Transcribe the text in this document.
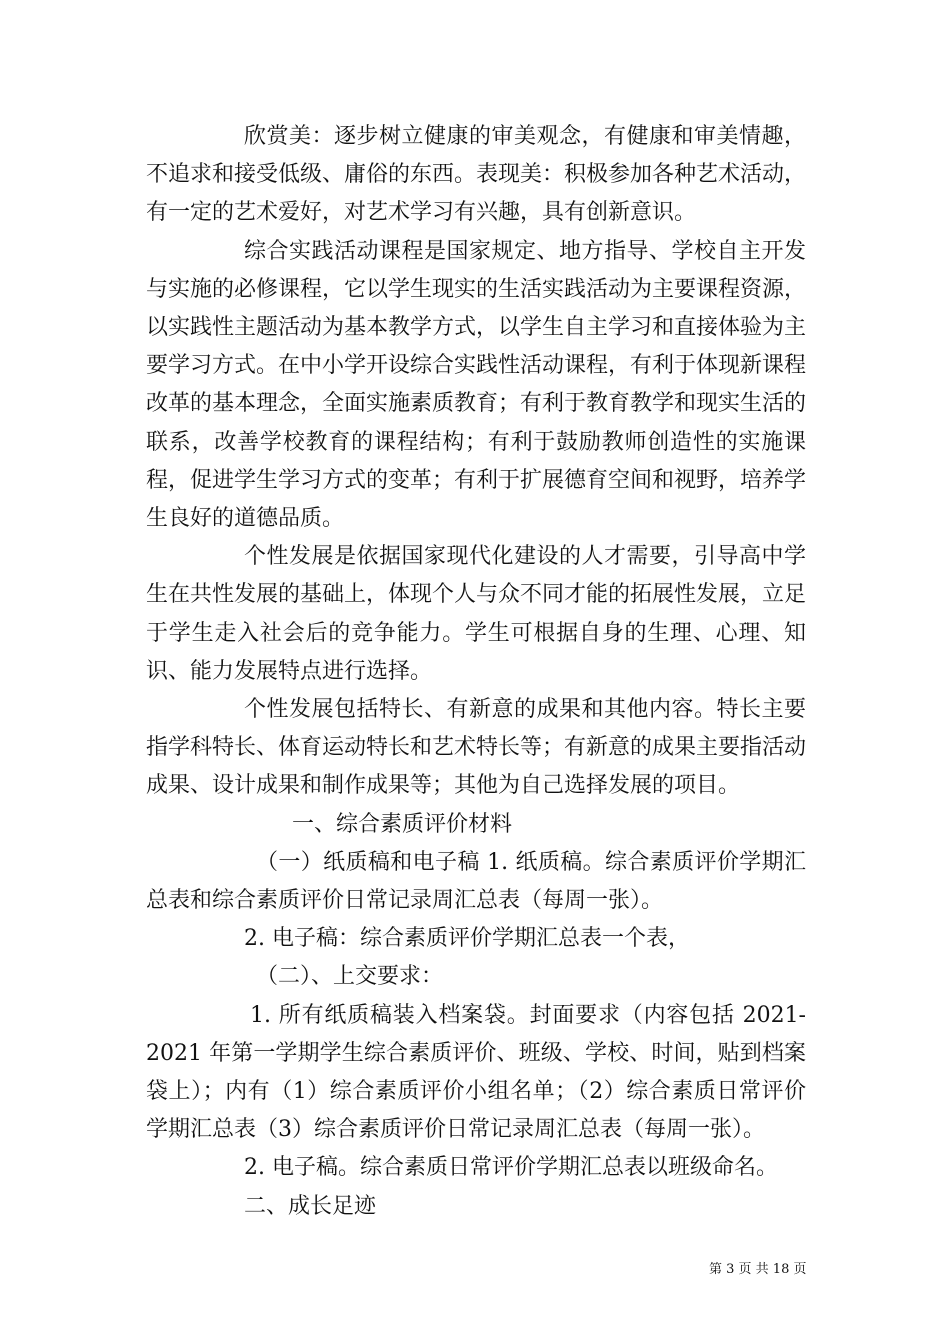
欣赏美：逐步树立健康的审美观念，有健康和审美情趣，不追求和接受低级、庸俗的东西。表现美：积极参加各种艺术活动，有一定的艺术爱好，对艺术学习有兴趣，具有创新意识。

综合实践活动课程是国家规定、地方指导、学校自主开发与实施的必修课程，它以学生现实的生活实践活动为主要课程资源，以实践性主题活动为基本教学方式，以学生自主学习和直接体验为主要学习方式。在中小学开设综合实践性活动课程，有利于体现新课程改革的基本理念，全面实施素质教育；有利于教育教学和现实生活的联系，改善学校教育的课程结构；有利于鼓励教师创造性的实施课程，促进学生学习方式的变革；有利于扩展德育空间和视野，培养学生良好的道德品质。

个性发展是依据国家现代化建设的人才需要，引导高中学生在共性发展的基础上，体现个人与众不同才能的拓展性发展，立足于学生走入社会后的竞争能力。学生可根据自身的生理、心理、知识、能力发展特点进行选择。

个性发展包括特长、有新意的成果和其他内容。特长主要指学科特长、体育运动特长和艺术特长等；有新意的成果主要指活动成果、设计成果和制作成果等；其他为自己选择发展的项目。

一、综合素质评价材料

（一）纸质稿和电子稿 1. 纸质稿。综合素质评价学期汇总表和综合素质评价日常记录周汇总表（每周一张）。

2. 电子稿：综合素质评价学期汇总表一个表，

（二）、上交要求：

1. 所有纸质稿装入档案袋。封面要求（内容包括 2021-2021 年第一学期学生综合素质评价、班级、学校、时间，贴到档案袋上）；内有（1）综合素质评价小组名单；（2）综合素质日常评价学期汇总表（3）综合素质评价日常记录周汇总表（每周一张）。

2. 电子稿。综合素质日常评价学期汇总表以班级命名。

二、成长足迹

第 3 页 共 18 页
